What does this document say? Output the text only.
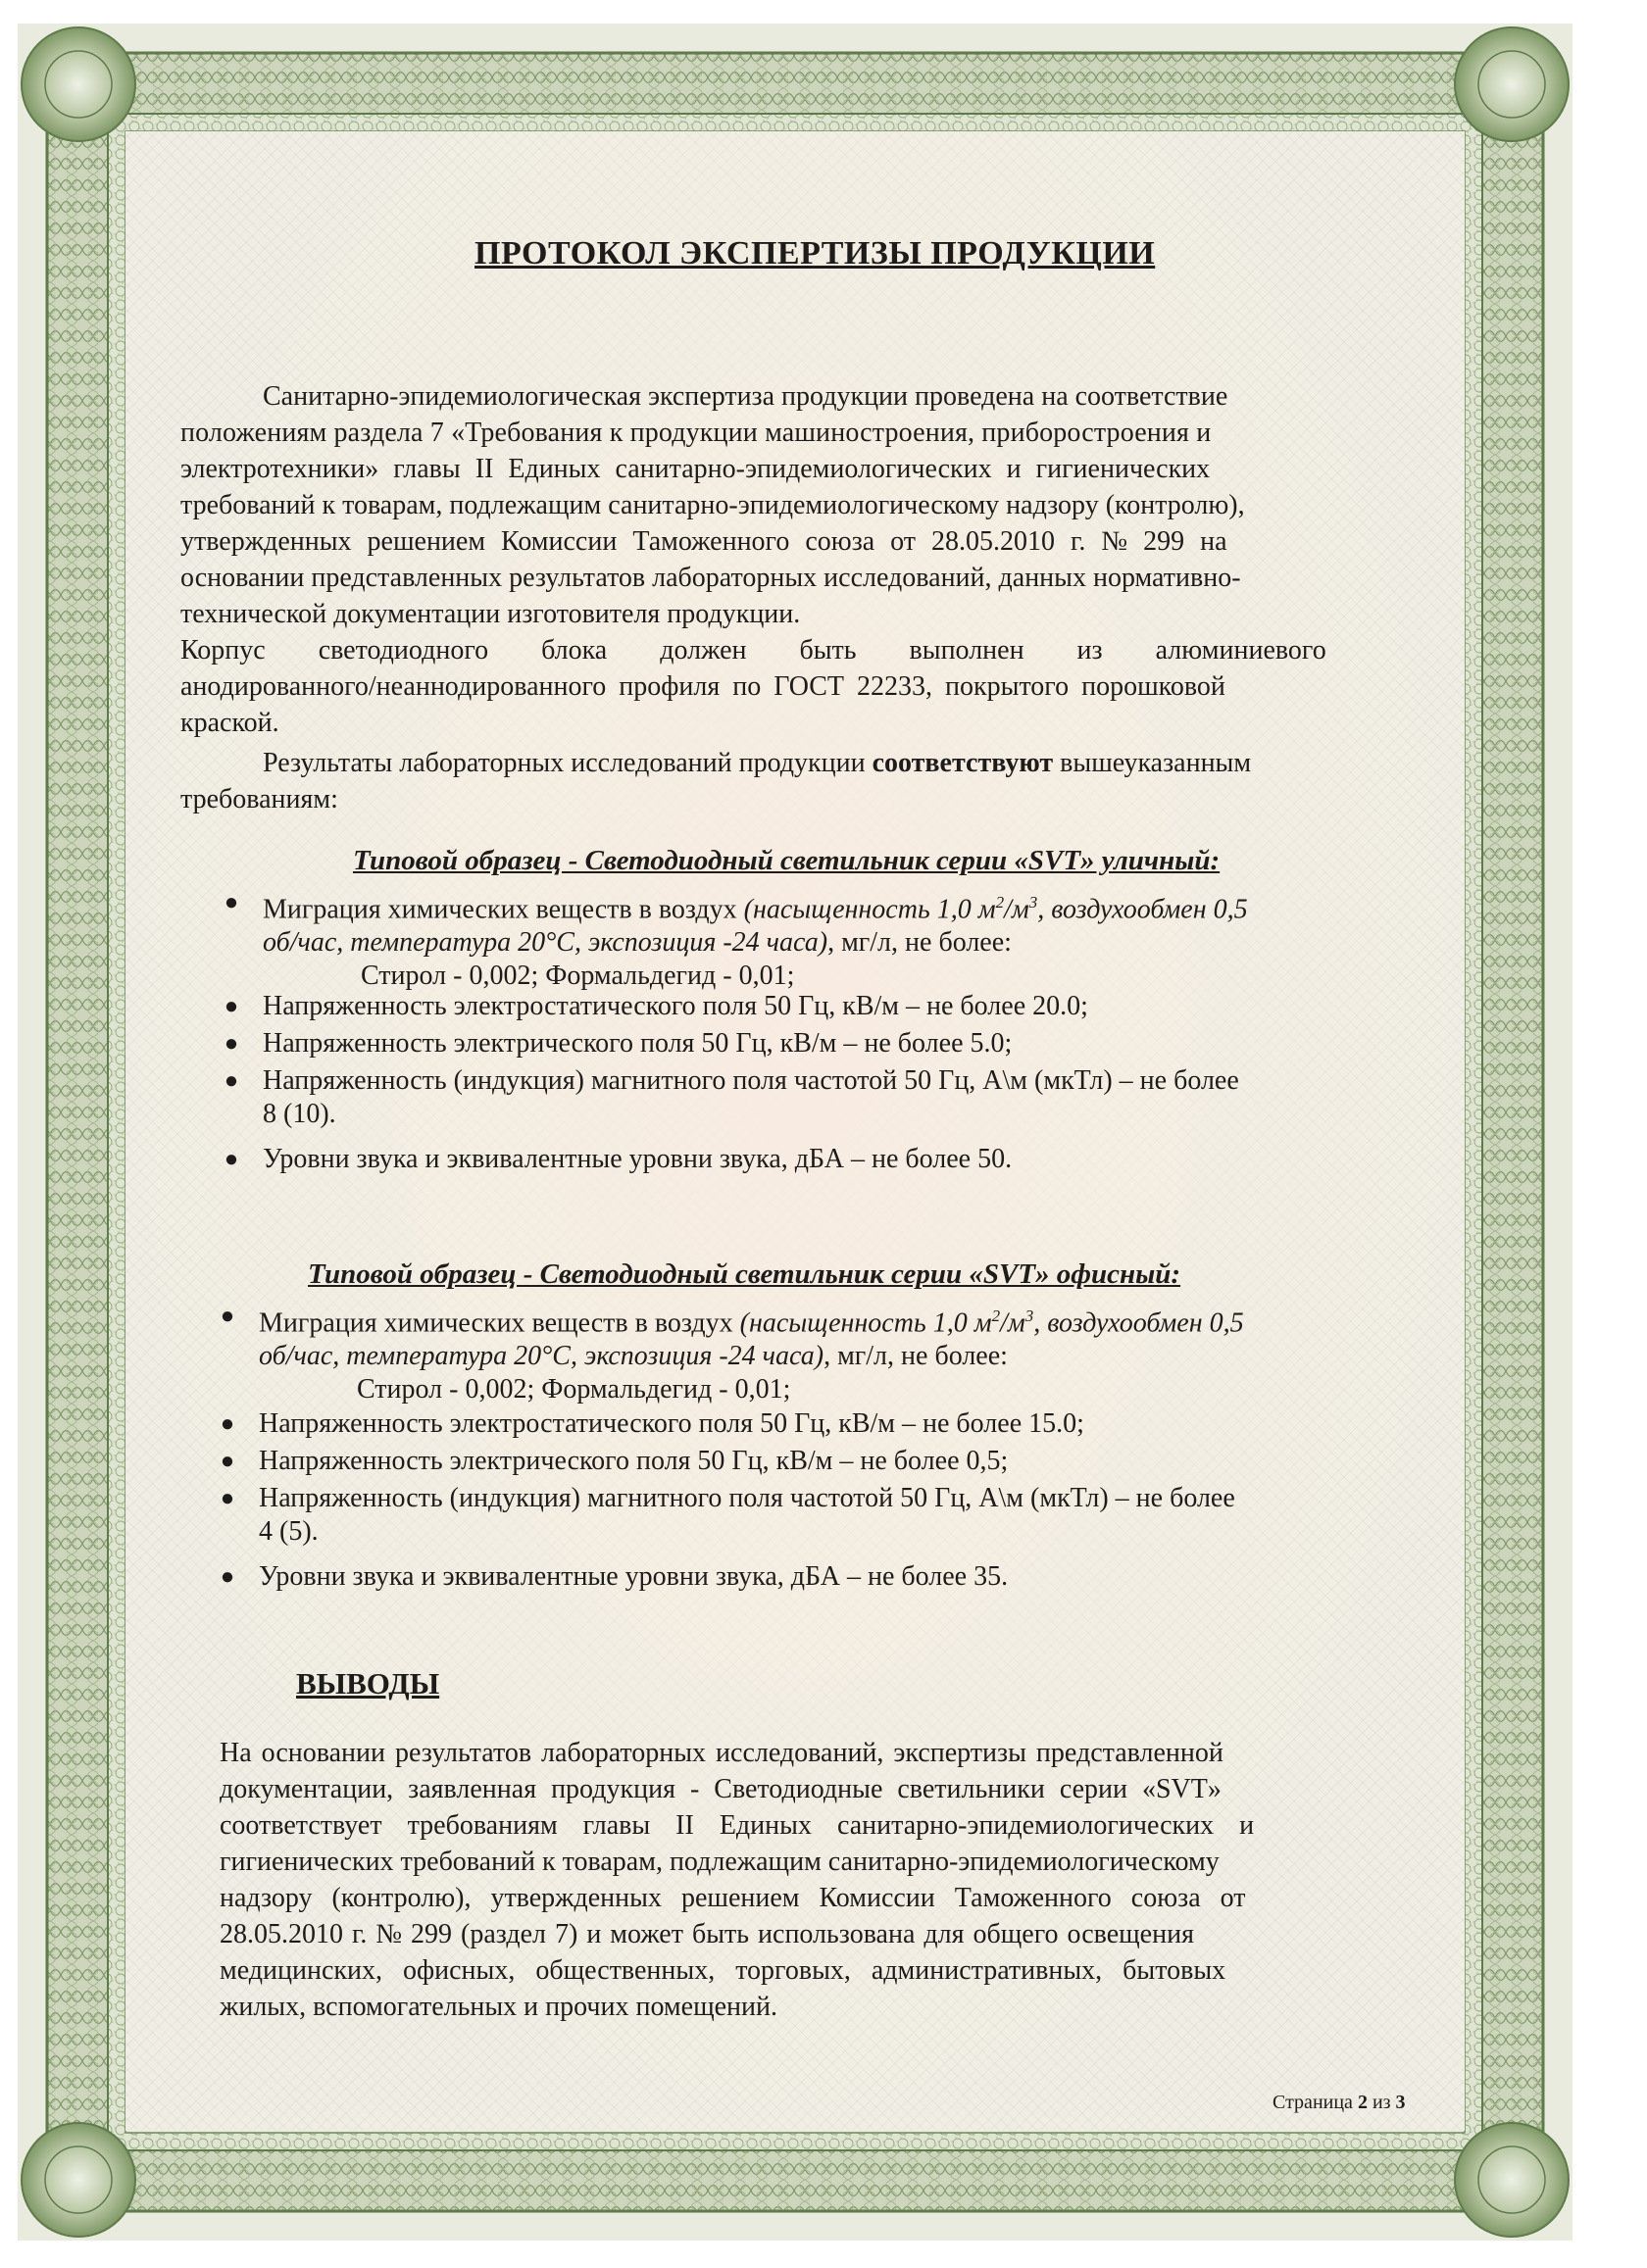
ПРОТОКОЛ ЭКСПЕРТИЗЫ ПРОДУКЦИИ
Санитарно-эпидемиологическая экспертиза продукции проведена на соответствие
положениям раздела 7 «Требования к продукции машиностроения, приборостроения и
электротехники» главы II Единых санитарно-эпидемиологических и гигиенических
требований к товарам, подлежащим санитарно-эпидемиологическому надзору (контролю),
утвержденных решением Комиссии Таможенного союза от 28.05.2010 г. № 299 на
основании представленных результатов лабораторных исследований, данных нормативно-
технической документации изготовителя продукции.
Корпус светодиодного блока должен быть выполнен из алюминиевого
анодированного/неаннодированного профиля по ГОСТ 22233, покрытого порошковой
краской.
Результаты лабораторных исследований продукции соответствуют вышеуказанным
требованиям:
Типовой образец - Светодиодный светильник серии «SVT» уличный:
● Миграция химических веществ в воздух (насыщенность 1,0 $м^2/м^3$, воздухообмен 0,5
об/час, температура 20°С, экспозиция -24 часа), мг/л, не более:
Стирол - 0,002; Формальдегид - 0,01;
● Напряженность электростатического поля 50 Гц, кВ/м – не более 20.0;
● Напряженность электрического поля 50 Гц, кВ/м – не более 5.0;
● Напряженность (индукция) магнитного поля частотой 50 Гц, А\м (мкТл) – не более
8 (10).
● Уровни звука и эквивалентные уровни звука, дБА – не более 50.
Типовой образец - Светодиодный светильник серии «SVT» офисный:
● Миграция химических веществ в воздух (насыщенность 1,0 $м^2/м^3$, воздухообмен 0,5
об/час, температура 20°С, экспозиция -24 часа), мг/л, не более:
Стирол - 0,002; Формальдегид - 0,01;
● Напряженность электростатического поля 50 Гц, кВ/м – не более 15.0;
● Напряженность электрического поля 50 Гц, кВ/м – не более 0,5;
● Напряженность (индукция) магнитного поля частотой 50 Гц, А\м (мкТл) – не более
4 (5).
● Уровни звука и эквивалентные уровни звука, дБА – не более 35.
ВЫВОДЫ
На основании результатов лабораторных исследований, экспертизы представленной
документации, заявленная продукция - Светодиодные светильники серии «SVT»
соответствует требованиям главы II Единых санитарно-эпидемиологических и
гигиенических требований к товарам, подлежащим санитарно-эпидемиологическому
надзору (контролю), утвержденных решением Комиссии Таможенного союза от
28.05.2010 г. № 299 (раздел 7) и может быть использована для общего освещения
медицинских, офисных, общественных, торговых, административных, бытовых
жилых, вспомогательных и прочих помещений.
Страница 2 из 3
